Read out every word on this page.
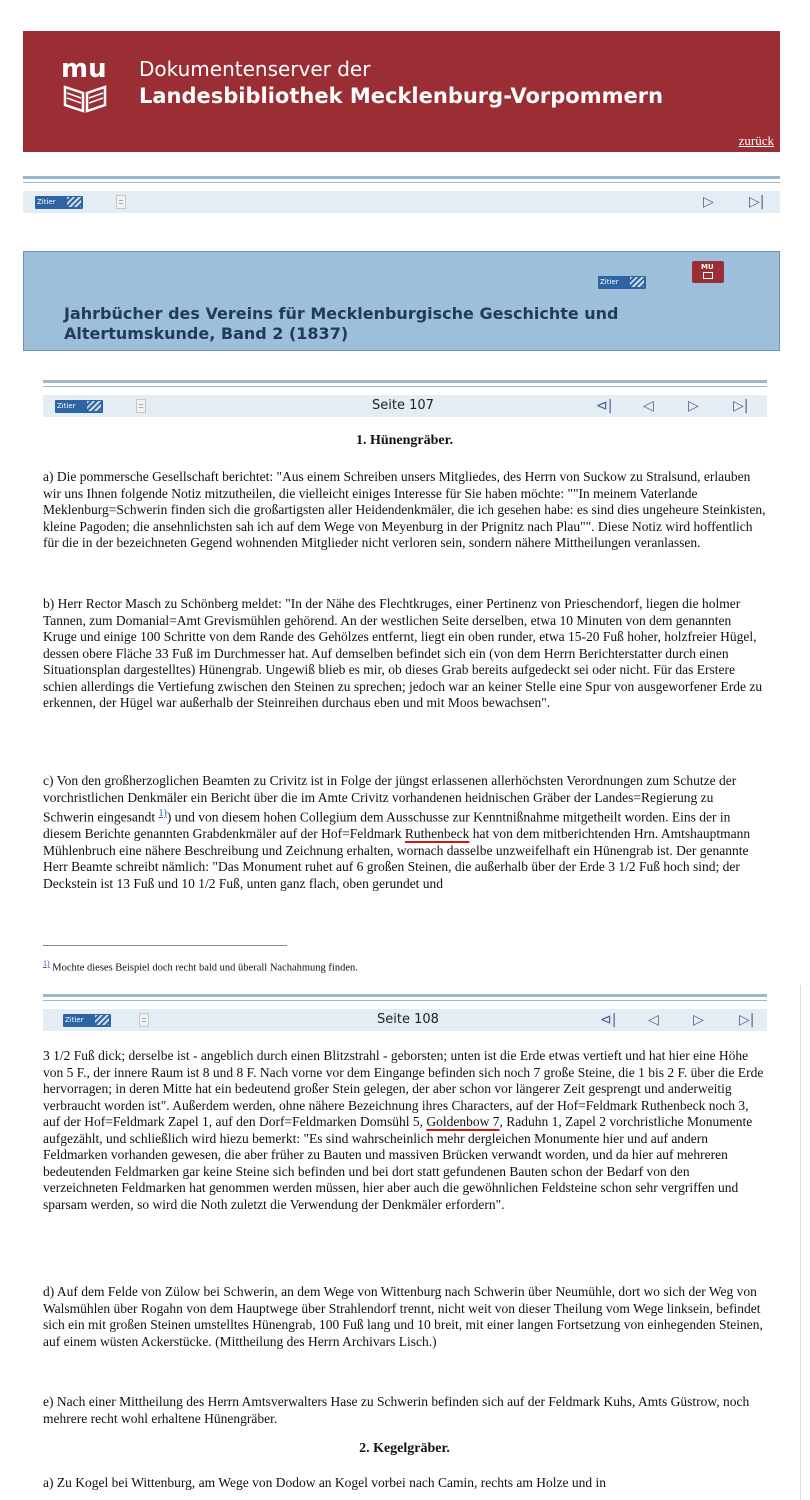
mu Dokumentenserver der
Landesbibliothek Mecklenburg-Vorpommern
zurück
Zitier	▷	▷|
Zitier
MU
Jahrbücher des Vereins für Mecklenburgische Geschichte und Altertumskunde, Band 2 (1837)
Zitier	Seite 107	⊲| ◁ ▷ ▷|
1. Hünengräber.

a) Die pommersche Gesellschaft berichtet: "Aus einem Schreiben unsers Mitgliedes, des Herrn von Suckow zu Stralsund, erlauben wir uns Ihnen folgende Notiz mitzutheilen, die vielleicht einiges Interesse für Sie haben möchte: ""In meinem Vaterlande Meklenburg=Schwerin finden sich die großartigsten aller Heidendenkmäler, die ich gesehen habe: es sind dies ungeheure Steinkisten, kleine Pagoden; die ansehnlichsten sah ich auf dem Wege von Meyenburg in der Prignitz nach Plau"". Diese Notiz wird hoffentlich für die in der bezeichneten Gegend wohnenden Mitglieder nicht verloren sein, sondern nähere Mittheilungen veranlassen.

b) Herr Rector Masch zu Schönberg meldet: "In der Nähe des Flechtkruges, einer Pertinenz von Prieschendorf, liegen die holmer Tannen, zum Domanial=Amt Grevismühlen gehörend. An der westlichen Seite derselben, etwa 10 Minuten von dem genannten Kruge und einige 100 Schritte von dem Rande des Gehölzes entfernt, liegt ein oben runder, etwa 15-20 Fuß hoher, holzfreier Hügel, dessen obere Fläche 33 Fuß im Durchmesser hat. Auf demselben befindet sich ein (von dem Herrn Berichterstatter durch einen Situationsplan dargestelltes) Hünengrab. Ungewiß blieb es mir, ob dieses Grab bereits aufgedeckt sei oder nicht. Für das Erstere schien allerdings die Vertiefung zwischen den Steinen zu sprechen; jedoch war an keiner Stelle eine Spur von ausgeworfener Erde zu erkennen, der Hügel war außerhalb der Steinreihen durchaus eben und mit Moos bewachsen".

c) Von den großherzoglichen Beamten zu Crivitz ist in Folge der jüngst erlassenen allerhöchsten Verordnungen zum Schutze der vorchristlichen Denkmäler ein Bericht über die im Amte Crivitz vorhandenen heidnischen Gräber der Landes=Regierung zu Schwerin eingesandt $^{1)}$) und von diesem hohen Collegium dem Ausschusse zur Kenntnißnahme mitgetheilt worden. Eins der in diesem Berichte genannten Grabdenkmäler auf der Hof=Feldmark Ruthenbeck hat von dem mitberichtenden Hrn. Amtshauptmann Mühlenbruch eine nähere Beschreibung und Zeichnung erhalten, wornach dasselbe unzweifelhaft ein Hünengrab ist. Der genannte Herr Beamte schreibt nämlich: "Das Monument ruhet auf 6 großen Steinen, die außerhalb über der Erde 3 1/2 Fuß hoch sind; der Deckstein ist 13 Fuß und 10 1/2 Fuß, unten ganz flach, oben gerundet und

$^{1)}$ Mochte dieses Beispiel doch recht bald und überall Nachahmung finden.
Zitier	Seite 108	⊲| ◁ ▷	▷|

3 1/2 Fuß dick; derselbe ist - angeblich durch einen Blitzstrahl - geborsten; unten ist die Erde etwas vertieft und hat hier eine Höhe von 5 F., der innere Raum ist 8 und 8 F. Nach vorne vor dem Eingange befinden sich noch 7 große Steine, die 1 bis 2 F. über die Erde hervorragen; in deren Mitte hat ein bedeutend großer Stein gelegen, der aber schon vor längerer Zeit gesprengt und anderweitig verbraucht worden ist". Außerdem werden, ohne nähere Bezeichnung ihres Characters, auf der Hof=Feldmark Ruthenbeck noch 3, auf der Hof=Feldmark Zapel 1, auf den Dorf=Feldmarken Domsühl 5, Goldenbow 7, Raduhn 1, Zapel 2 vorchristliche Monumente aufgezählt, und schließlich wird hiezu bemerkt: "Es sind wahrscheinlich mehr dergleichen Monumente hier und auf andern Feldmarken vorhanden gewesen, die aber früher zu Bauten und massiven Brücken verwandt worden, und da hier auf mehreren bedeutenden Feldmarken gar keine Steine sich befinden und bei dort statt gefundenen Bauten schon der Bedarf von den verzeichneten Feldmarken hat genommen werden müssen, hier aber auch die gewöhnlichen Feldsteine schon sehr vergriffen und sparsam werden, so wird die Noth zuletzt die Verwendung der Denkmäler erfordern".

d) Auf dem Felde von Zülow bei Schwerin, an dem Wege von Wittenburg nach Schwerin über Neumühle, dort wo sich der Weg von Walsmühlen über Rogahn von dem Hauptwege über Strahlendorf trennt, nicht weit von dieser Theilung vom Wege linksein, befindet sich ein mit großen Steinen umstelltes Hünengrab, 100 Fuß lang und 10 breit, mit einer langen Fortsetzung von einhegenden Steinen, auf einem wüsten Ackerstücke. (Mittheilung des Herrn Archivars Lisch.)

e) Nach einer Mittheilung des Herrn Amtsverwalters Hase zu Schwerin befinden sich auf der Feldmark Kuhs, Amts Güstrow, noch mehrere recht wohl erhaltene Hünengräber.

2. Kegelgräber.

a) Zu Kogel bei Wittenburg, am Wege von Dodow an Kogel vorbei nach Camin, rechts am Holze und in
